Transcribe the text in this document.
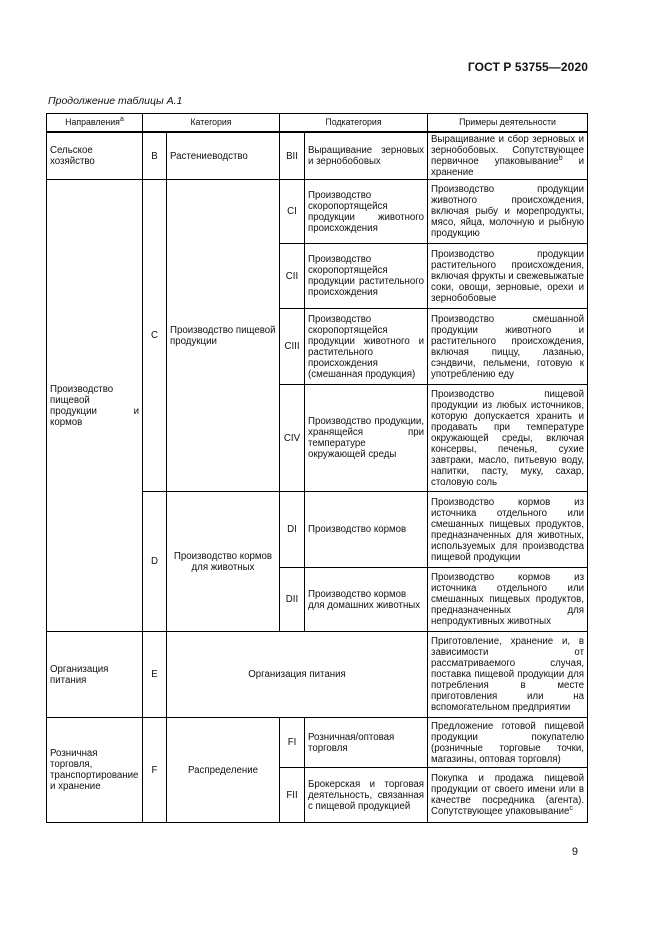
ГОСТ Р 53755—2020
Продолжение таблицы А.1
Направления$^a$	Категория		Подкатегория		Примеры деятельности
Сельское хозяйство	B	Растениеводство	BII	Выращивание зерновых и зернобобовых	Выращивание и сбор зерновых и зернобобовых. Сопутствующее первичное упаковывание$^b$ и хранение
Производство пищевой продукции и кормов	C	Производство пищевой продукции	CI	Производство скоропортящейся продукции животного происхождения	Производство продукции животного происхождения, включая рыбу и морепродукты, мясо, яйца, молочную и рыбную продукцию
			CII	Производство скоропортящейся продукции растительного происхождения	Производство продукции растительного происхождения, включая фрукты и свежевыжатые соки, овощи, зерновые, орехи и зернобобовые
			CIII	Производство скоропортящейся продукции животного и растительного происхождения (смешанная продукция)	Производство смешанной продукции животного и растительного происхождения, включая пиццу, лазанью, сэндвичи, пельмени, готовую к употреблению еду
			CIV	Производство продукции, хранящейся при температуре окружающей среды	Производство пищевой продукции из любых источников, которую допускается хранить и продавать при температуре окружающей среды, включая консервы, печенья, сухие завтраки, масло, питьевую воду, напитки, пасту, муку, сахар, столовую соль
	D	Производство кормов для животных	DI	Производство кормов	Производство кормов из источника отдельного или смешанных пищевых продуктов, предназначенных для животных, используемых для производства пищевой продукции
			DII	Производство кормов для домашних животных	Производство кормов из источника отдельного или смешанных пищевых продуктов, предназначенных для непродуктивных животных
Организация питания	E	Организация питания			Приготовление, хранение и, в зависимости от рассматриваемого случая, поставка пищевой продукции для потребления в месте приготовления или на вспомогательном предприятии
Розничная торговля, транспортирование и хранение	F	Распределение	FI	Розничная/оптовая торговля	Предложение готовой пищевой продукции покупателю (розничные торговые точки, магазины, оптовая торговля)
			FII	Брокерская и торговая деятельность, связанная с пищевой продукцией	Покупка и продажа пищевой продукции от своего имени или в качестве посредника (агента). Сопутствующее упаковывание$^c$
9
